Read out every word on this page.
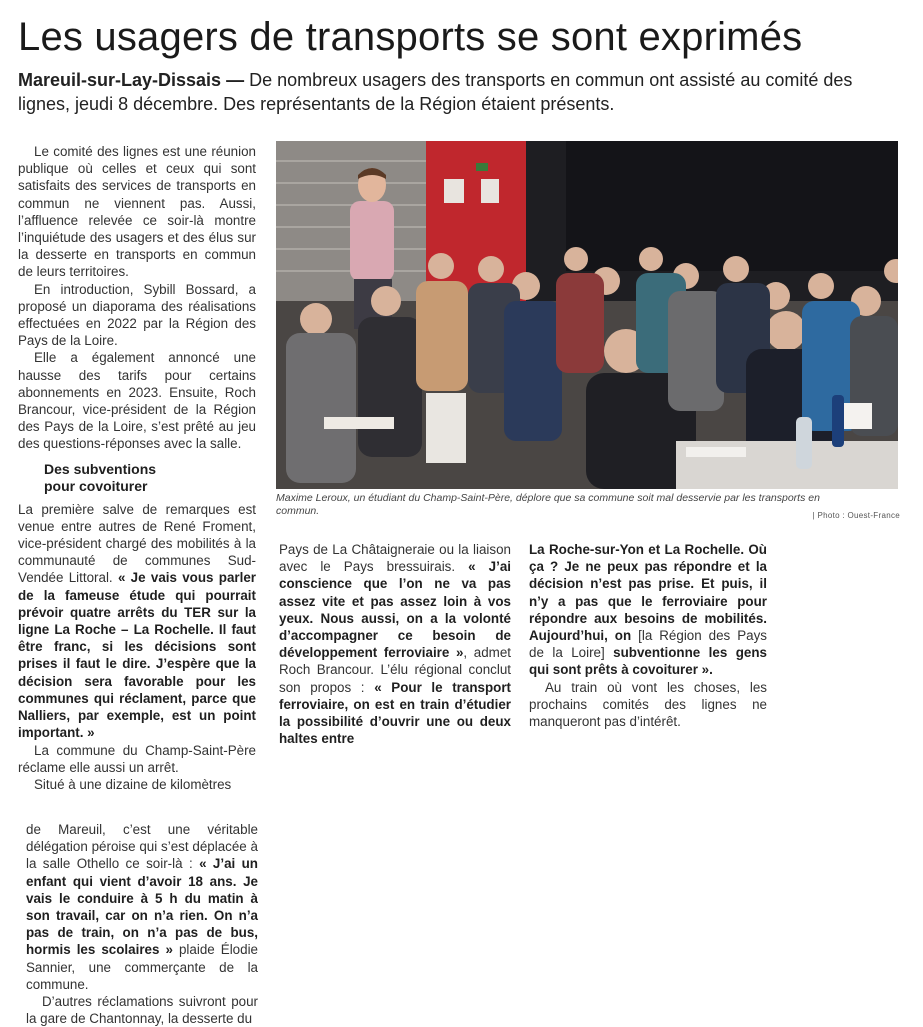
Les usagers de transports se sont exprimés
Mareuil-sur-Lay-Dissais — De nombreux usagers des transports en commun ont assisté au comité des lignes, jeudi 8 décembre. Des représentants de la Région étaient présents.

Le comité des lignes est une réunion publique où celles et ceux qui sont satisfaits des services de transports en commun ne viennent pas. Aussi, l’affluence relevée ce soir-là montre l’inquiétude des usagers et des élus sur la desserte en transports en commun de leurs territoires.

En introduction, Sybill Bossard, a proposé un diaporama des réalisations effectuées en 2022 par la Région des Pays de la Loire.

Elle a également annoncé une hausse des tarifs pour certains abonnements en 2023. Ensuite, Roch Brancour, vice-président de la Région des Pays de la Loire, s’est prêté au jeu des questions-réponses avec la salle.

Des subventions
pour covoiturer

La première salve de remarques est venue entre autres de René Froment, vice-président chargé des mobilités à la communauté de communes Sud-Vendée Littoral. « Je vais vous parler de la fameuse étude qui pourrait prévoir quatre arrêts du TER sur la ligne La Roche – La Rochelle. Il faut être franc, si les décisions sont prises il faut le dire. J’espère que la décision sera favorable pour les communes qui réclament, parce que Nalliers, par exemple, est un point important. »

La commune du Champ-Saint-Père réclame elle aussi un arrêt.

Situé à une dizaine de kilomètres

de Mareuil, c’est une véritable délégation péroise qui s’est déplacée à la salle Othello ce soir-là : « J’ai un enfant qui vient d’avoir 18 ans. Je vais le conduire à 5 h du matin à son travail, car on n’a rien. On n’a pas de train, on n’a pas de bus, hormis les scolaires » plaide Élodie Sannier, une commerçante de la commune.

D’autres réclamations suivront pour la gare de Chantonnay, la desserte du

Maxime Leroux, un étudiant du Champ-Saint-Père, déplore que sa commune soit mal desservie par les transports en commun.	| Photo : Ouest-France

Pays de La Châtaigneraie ou la liaison avec le Pays bressuirais. « J’ai conscience que l’on ne va pas assez vite et pas assez loin à vos yeux. Nous aussi, on a la volonté d’accompagner ce besoin de développement ferroviaire », admet Roch Brancour. L’élu régional conclut son propos : « Pour le transport ferroviaire, on est en train d’étudier la possibilité d’ouvrir une ou deux haltes entre

La Roche-sur-Yon et La Rochelle. Où ça ? Je ne peux pas répondre et la décision n’est pas prise. Et puis, il n’y a pas que le ferroviaire pour répondre aux besoins de mobilités. Aujourd’hui, on [la Région des Pays de la Loire] subventionne les gens qui sont prêts à covoiturer ».

Au train où vont les choses, les prochains comités des lignes ne manqueront pas d’intérêt.
